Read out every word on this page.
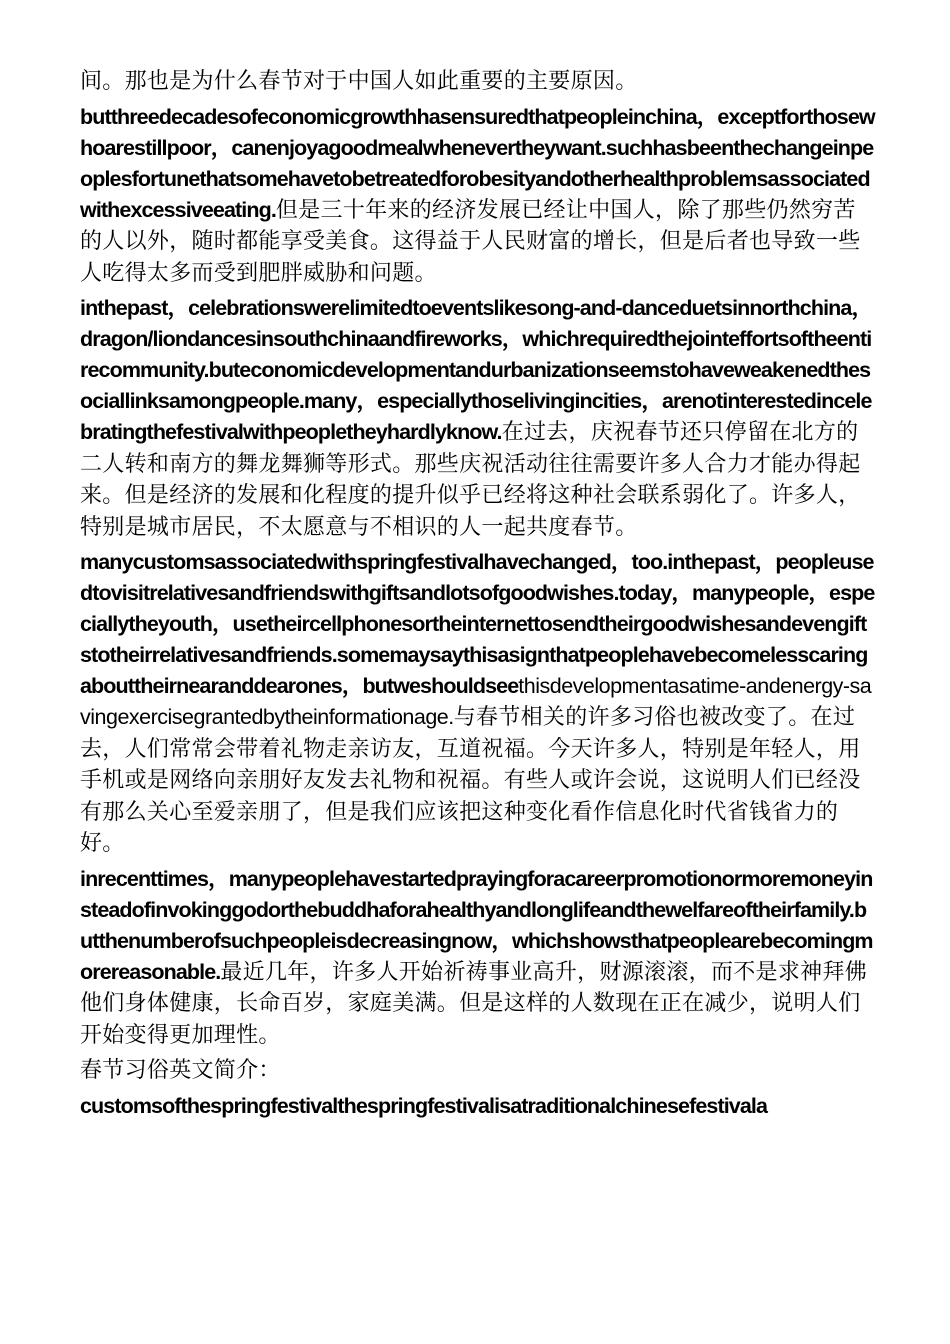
间。那也是为什么春节对于中国人如此重要的主要原因。

butthreedecadesofeconomicgrowthhasensuredthatpeopleinchina，exceptforthosewhoarestillpoor，canenjoyagoodmealwhenevertheywant.suchhasbeenthechangeinpeoplesfortunethatsomehavetobetreatedforobesityandotherhealthproblemsassociatedwithexcessiveeating.但是三十年来的经济发展已经让中国人，除了那些仍然穷苦的人以外，随时都能享受美食。这得益于人民财富的增长，但是后者也导致一些人吃得太多而受到肥胖威胁和问题。

inthepast，celebrationswerelimitedtoeventslikesong-and-danceduetsinnorthchina，dragon/liondancesinsouthchinaandfireworks，whichrequiredthejointeffortsoftheentirecommunity.buteconomicdevelopmentandurbanizationseemstohaveweakenedthesociallinksamongpeople.many，especiallythoselivingincities，arenotinterestedincelebratingthefestivalwithpeopletheyhardlyknow.在过去，庆祝春节还只停留在北方的二人转和南方的舞龙舞狮等形式。那些庆祝活动往往需要许多人合力才能办得起来。但是经济的发展和化程度的提升似乎已经将这种社会联系弱化了。许多人，特别是城市居民，不太愿意与不相识的人一起共度春节。

manycustomsassociatedwithspringfestivalhavechanged，too.inthepast，peopleusedtovisitrelativesandfriendswithgiftsandlotsofgoodwishes.today，manypeople，especiallytheyouth，usetheircellphonesortheinternettosendtheirgoodwishesandevengiftstotheirrelativesandfriends.somemaysaythisasignthatpeoplehavebecomelesscaringabouttheirnearanddearones，butweshouldseethisdevelopmentasatime-andenergy-savingexercisegrantedbytheinformationage.与春节相关的许多习俗也被改变了。在过去，人们常常会带着礼物走亲访友，互道祝福。今天许多人，特别是年轻人，用手机或是网络向亲朋好友发去礼物和祝福。有些人或许会说，这说明人们已经没有那么关心至爱亲朋了，但是我们应该把这种变化看作信息化时代省钱省力的好。

inrecenttimes，manypeoplehavestartedprayingforacareerpromotionormoremoneyinsteadofinvokinggodorthebuddhaforahealthyandlonglifeandthewelfareoftheirfamily.butthenumberofsuchpeopleisdecreasingnow，whichshowsthatpeoplearebecomingmorereasonable.最近几年，许多人开始祈祷事业高升，财源滚滚，而不是求神拜佛他们身体健康，长命百岁，家庭美满。但是这样的人数现在正在减少，说明人们开始变得更加理性。

春节习俗英文简介：

customsofthespringfestivalthespringfestivalisatraditionalchinesefestivala
